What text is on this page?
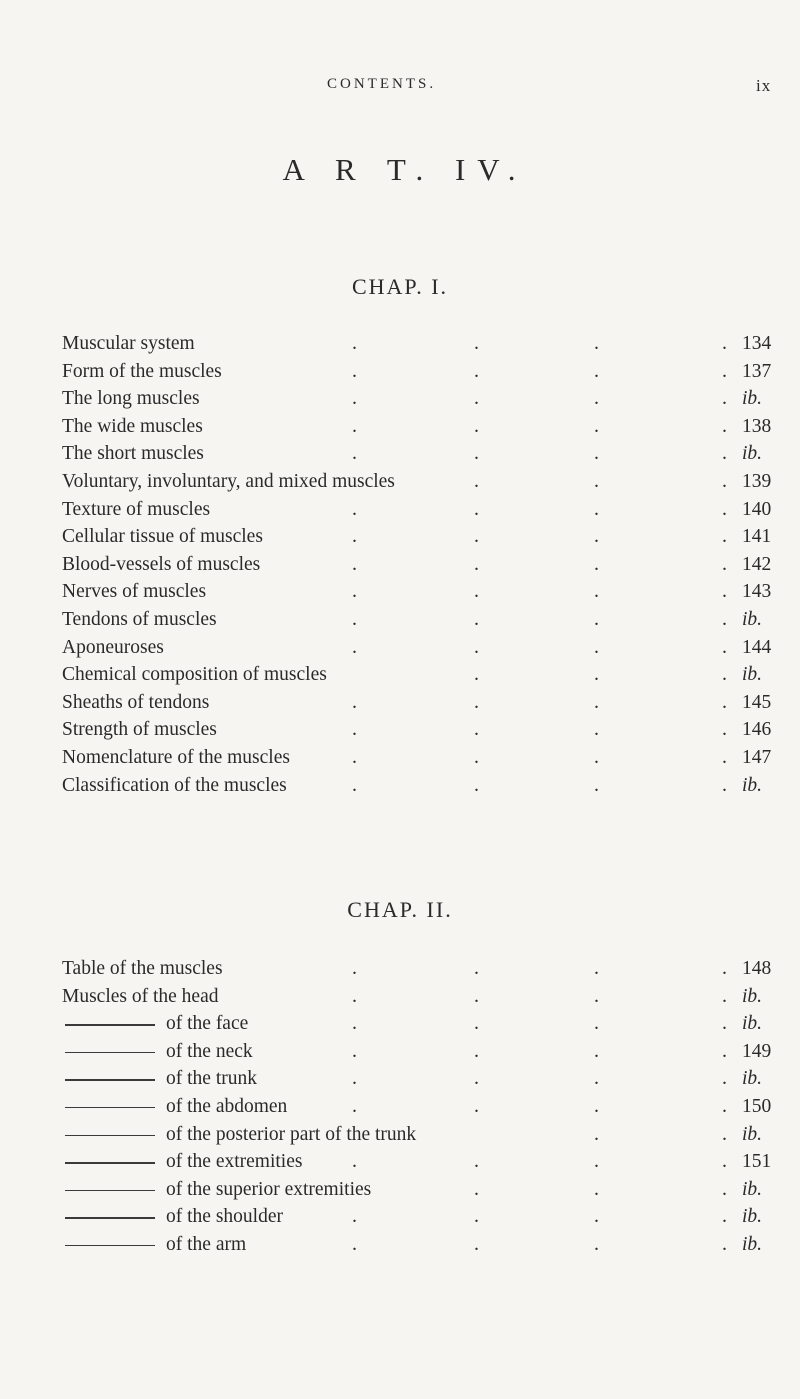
CONTENTS.	ix
A R T. IV.
CHAP. I.
Muscular system	.	.	.	. 134
Form of the muscles	.	.	.	. 137
The long muscles	.	.	.	. ib.
The wide muscles	.	.	.	. 138
The short muscles	.	.	.	. ib.
Voluntary, involuntary, and mixed muscles	.	.	. 139
Texture of muscles	.	.	.	. 140
Cellular tissue of muscles	.	.	.	. 141
Blood-vessels of muscles	.	.	.	. 142
Nerves of muscles	.	.	.	. 143
Tendons of muscles	.	.	.	. ib.
Aponeuroses	.	.	.	. 144
Chemical composition of muscles	.	.	. ib.
Sheaths of tendons	.	.	.	. 145
Strength of muscles	.	.	.	. 146
Nomenclature of the muscles	.	.	.	. 147
Classification of the muscles	.	.	.	. ib.
CHAP. II.
Table of the muscles	.	.	.	. 148
Muscles of the head	.	.	.	. ib.
of the face	.	.	.	. ib.
of the neck	.	.	.	. 149
of the trunk	.	.	.	. ib.
of the abdomen	.	.	.	. 150
of the posterior part of the trunk	.	. ib.
of the extremities .	.	.	. 151
of the superior extremities	.	.	. ib.
of the shoulder	.	.	.	. ib.
of the arm	.	.	.	. ib.
